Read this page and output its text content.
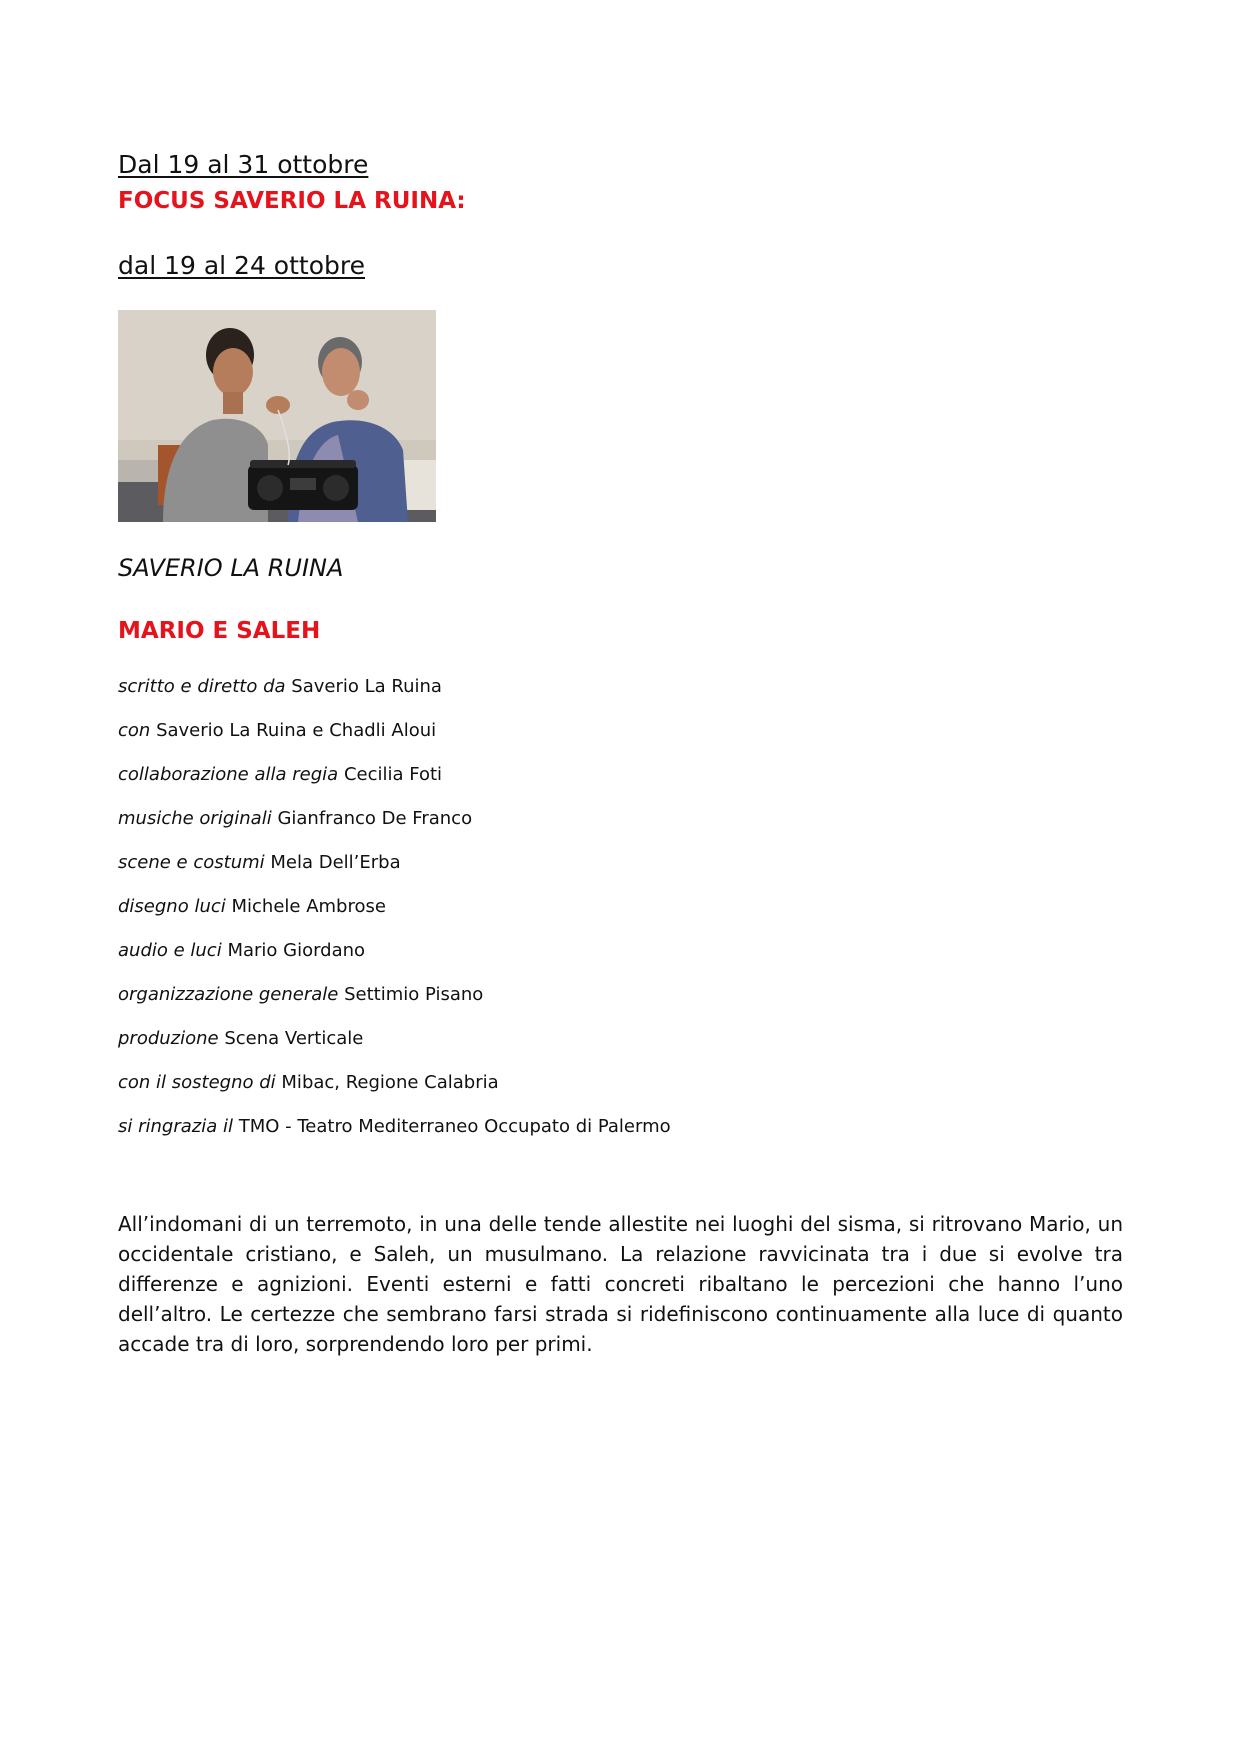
Dal 19 al 31 ottobre
FOCUS SAVERIO LA RUINA:
dal 19 al 24 ottobre
SAVERIO LA RUINA
MARIO E SALEH
scritto e diretto da Saverio La Ruina
con Saverio La Ruina e Chadli Aloui
collaborazione alla regia Cecilia Foti
musiche originali Gianfranco De Franco
scene e costumi Mela Dell’Erba
disegno luci Michele Ambrose
audio e luci Mario Giordano
organizzazione generale Settimio Pisano
produzione Scena Verticale
con il sostegno di Mibac, Regione Calabria
si ringrazia il TMO - Teatro Mediterraneo Occupato di Palermo

All’indomani di un terremoto, in una delle tende allestite nei luoghi del sisma, si ritrovano Mario, un occidentale cristiano, e Saleh, un musulmano. La relazione ravvicinata tra i due si evolve tra differenze e agnizioni. Eventi esterni e fatti concreti ribaltano le percezioni che hanno l’uno dell’altro. Le certezze che sembrano farsi strada si ridefiniscono continuamente alla luce di quanto accade tra di loro, sorprendendo loro per primi.
